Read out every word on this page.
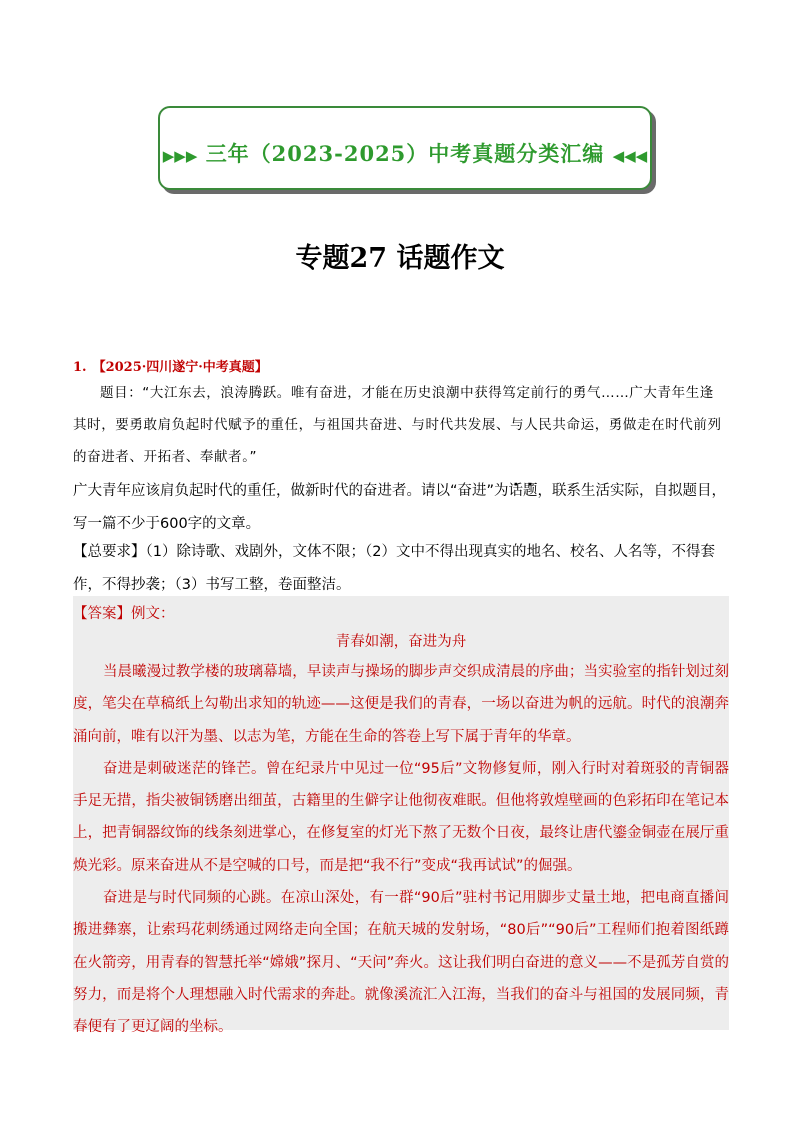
▶▶▶ 三年（2023-2025）中考真题分类汇编 ◀◀◀
专题27 话题作文
1. 【2025·四川遂宁·中考真题】
题目：“大江东去，浪涛腾跃。唯有奋进，才能在历史浪潮中获得笃定前行的勇气……广大青年生逢其时，要勇敢肩负起时代赋予的重任，与祖国共奋进、与时代共发展、与人民共命运，勇做走在时代前列的奋进者、开拓者、奉献者。”
广大青年应该肩负起时代的重任，做新时代的奋进者。请以“奋进”为话题，联系生活实际，自拟题目，写一篇不少于600字的文章。
【总要求】（1）除诗歌、戏剧外，文体不限；（2）文中不得出现真实的地名、校名、人名等，不得套作，不得抄袭；（3）书写工整，卷面整洁。
【答案】例文：
青春如潮，奋进为舟

当晨曦漫过教学楼的玻璃幕墙，早读声与操场的脚步声交织成清晨的序曲；当实验室的指针划过刻度，笔尖在草稿纸上勾勒出求知的轨迹——这便是我们的青春，一场以奋进为帆的远航。时代的浪潮奔涌向前，唯有以汗为墨、以志为笔，方能在生命的答卷上写下属于青年的华章。

奋进是刺破迷茫的锋芒。曾在纪录片中见过一位“95后”文物修复师，刚入行时对着斑驳的青铜器手足无措，指尖被铜锈磨出细茧，古籍里的生僻字让他彻夜难眠。但他将敦煌壁画的色彩拓印在笔记本上，把青铜器纹饰的线条刻进掌心，在修复室的灯光下熬了无数个日夜，最终让唐代鎏金铜壶在展厅重焕光彩。原来奋进从不是空喊的口号，而是把“我不行”变成“我再试试”的倔强。

奋进是与时代同频的心跳。在凉山深处，有一群“90后”驻村书记用脚步丈量土地，把电商直播间搬进彝寨，让索玛花刺绣通过网络走向全国；在航天城的发射场，“80后”“90后”工程师们抱着图纸蹲在火箭旁，用青春的智慧托举“嫦娥”探月、“天问”奔火。这让我们明白奋进的意义——不是孤芳自赏的努力，而是将个人理想融入时代需求的奔赴。就像溪流汇入江海，当我们的奋斗与祖国的发展同频，青春便有了更辽阔的坐标。
